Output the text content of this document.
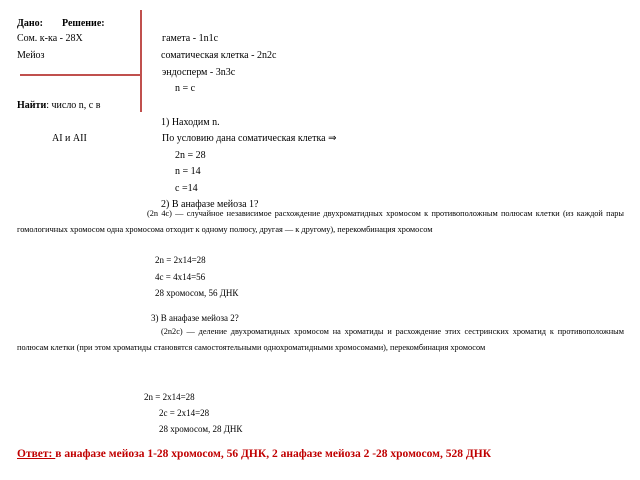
Дано: Решение:
Сом. к-ка - 28Х
Мейоз
гамета - 1n1c
соматическая клетка - 2n2c
эндосперм - 3n3c
n = c
Найти: число n, с в
1) Находим n.
AI и AII	По условию дана соматическая клетка ⇒
2n = 28
n = 14
c =14
2) В анафазе мейоза 1?
(2n 4c) — случайное независимое расхождение двухроматидных хромосом к противоположным полюсам клетки (из каждой пары гомологичных хромосом одна хромосома отходит к одному полюсу, другая — к другому), перекомбинация хромосом
2n = 2х14=28
4с = 4х14=56
28 хромосом, 56 ДНК
3) В анафазе мейоза 2?
(2n2c) — деление двухроматидных хромосом на хроматиды и расхождение этих сестринских хроматид к противоположным полюсам клетки (при этом хроматиды становятся самостоятельными однохроматидными хромосомами), перекомбинация хромосом
2n = 2х14=28
2с = 2х14=28
28 хромосом, 28 ДНК
Ответ: в анафазе мейоза 1-28 хромосом, 56 ДНК, 2 анафазе мейоза 2 -28 хромосом, 528 ДНК
